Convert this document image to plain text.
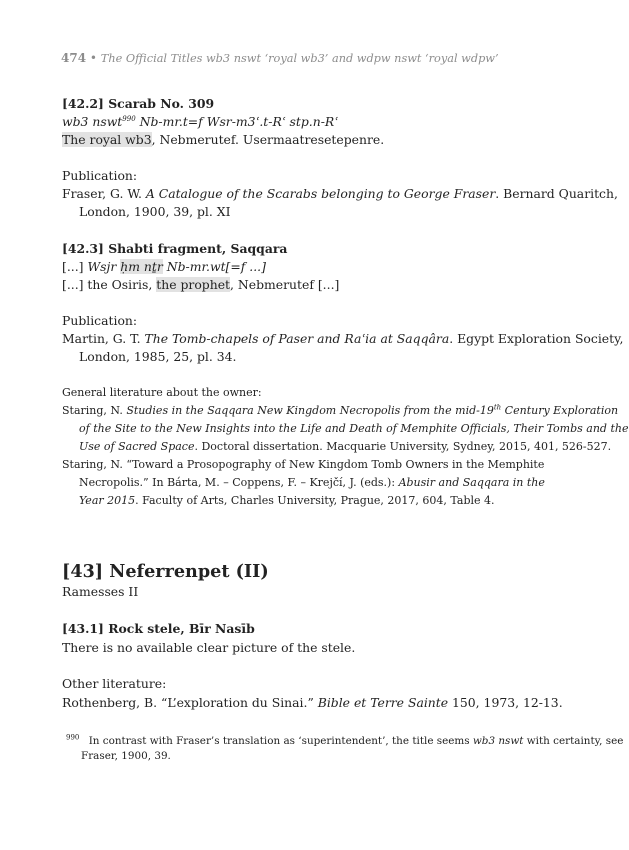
474 • The Official Titles wb3 nswt ‘royal wb3’ and wdpw nswt ‘royal wdpw’
[42.2] Scarab No. 309
wb3 nswt$^{990}$ Nb-mr.t=f Wsr-m3ʿ.t-Rʿ stp.n-Rʿ
The royal wb3, Nebmerutef. Usermaatresetepenre.
Publication:
Fraser, G. W. A Catalogue of the Scarabs belonging to George Fraser. Bernard Quaritch,
London, 1900, 39, pl. XI
[42.3] Shabti fragment, Saqqara
[...] Wsjr ḥm nṯr Nb-mr.wt[=f ...]
[...] the Osiris, the prophet, Nebmerutef [...]
Publication:
Martin, G. T. The Tomb-chapels of Paser and Raʿia at Saqqâra. Egypt Exploration Society,
London, 1985, 25, pl. 34.
General literature about the owner:
Staring, N. Studies in the Saqqara New Kingdom Necropolis from the mid-19th Century Exploration
of the Site to the New Insights into the Life and Death of Memphite Officials, Their Tombs and the
Use of Sacred Space. Doctoral dissertation. Macquarie University, Sydney, 2015, 401, 526-527.
Staring, N. “Toward a Prosopography of New Kingdom Tomb Owners in the Memphite
Necropolis.” In Bárta, M. – Coppens, F. – Krejčí, J. (eds.): Abusir and Saqqara in the
Year 2015. Faculty of Arts, Charles University, Prague, 2017, 604, Table 4.
[43] Neferrenpet (II)
Ramesses II
[43.1] Rock stele, Bīr Nasīb
There is no available clear picture of the stele.
Other literature:
Rothenberg, B. “L’exploration du Sinai.” Bible et Terre Sainte 150, 1973, 12-13.
$^{990}$ In contrast with Fraser’s translation as ‘superintendent’, the title seems wb3 nswt with certainty, see
Fraser, 1900, 39.
